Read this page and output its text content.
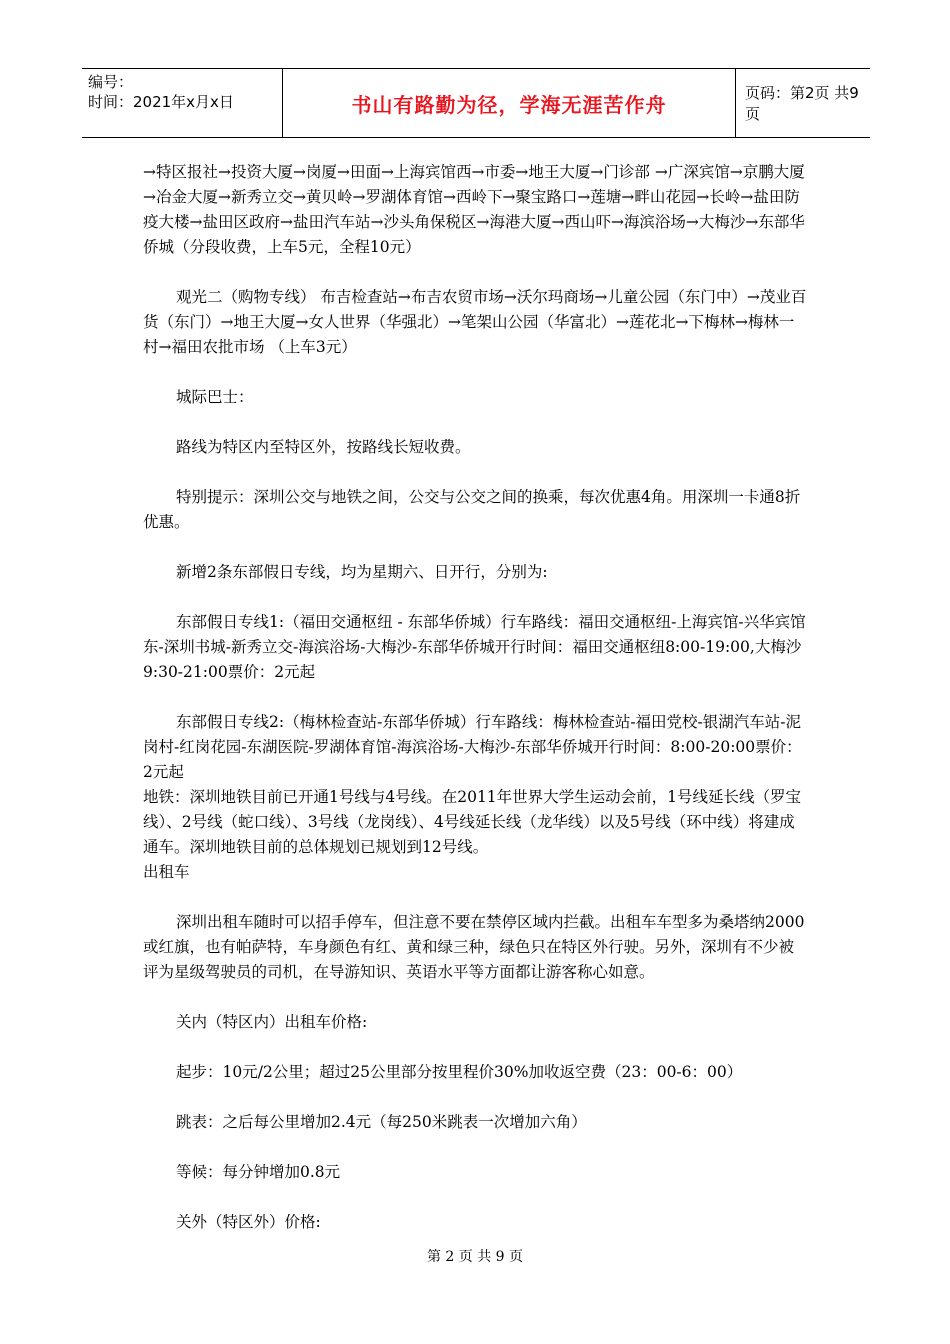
编号：
时间：2021年x月x日	书山有路勤为径，学海无涯苦作舟	页码：第2页 共9页

→特区报社→投资大厦→岗厦→田面→上海宾馆西→市委→地王大厦→门诊部 →广深宾馆→京鹏大厦→冶金大厦→新秀立交→黄贝岭→罗湖体育馆→西岭下→聚宝路口→莲塘→畔山花园→长岭→盐田防疫大楼→盐田区政府→盐田汽车站→沙头角保税区→海港大厦→西山吓→海滨浴场→大梅沙→东部华侨城（分段收费，上车5元，全程10元）

观光二（购物专线） 布吉检查站→布吉农贸市场→沃尔玛商场→儿童公园（东门中）→茂业百货（东门）→地王大厦→女人世界（华强北）→笔架山公园（华富北）→莲花北→下梅林→梅林一村→福田农批市场 （上车3元）

城际巴士：

路线为特区内至特区外，按路线长短收费。

特别提示：深圳公交与地铁之间，公交与公交之间的换乘，每次优惠4角。用深圳一卡通8折优惠。

新增2条东部假日专线，均为星期六、日开行，分别为:

东部假日专线1:（福田交通枢纽 - 东部华侨城）行车路线：福田交通枢纽-上海宾馆-兴华宾馆东-深圳书城-新秀立交-海滨浴场-大梅沙-东部华侨城开行时间：福田交通枢纽8:00-19:00,大梅沙9:30-21:00票价：2元起

东部假日专线2:（梅林检查站-东部华侨城）行车路线：梅林检查站-福田党校-银湖汽车站-泥岗村-红岗花园-东湖医院-罗湖体育馆-海滨浴场-大梅沙-东部华侨城开行时间：8:00-20:00票价：2元起

地铁：深圳地铁目前已开通1号线与4号线。在2011年世界大学生运动会前，1号线延长线（罗宝线）、2号线（蛇口线）、3号线（龙岗线）、4号线延长线（龙华线）以及5号线（环中线）将建成通车。深圳地铁目前的总体规划已规划到12号线。

出租车

深圳出租车随时可以招手停车，但注意不要在禁停区域内拦截。出租车车型多为桑塔纳2000或红旗，也有帕萨特，车身颜色有红、黄和绿三种，绿色只在特区外行驶。另外，深圳有不少被评为星级驾驶员的司机，在导游知识、英语水平等方面都让游客称心如意。

关内（特区内）出租车价格:

起步：10元/2公里；超过25公里部分按里程价30%加收返空费（23：00-6：00）

跳表：之后每公里增加2.4元（每250米跳表一次增加六角）

等候：每分钟增加0.8元

关外（特区外）价格:

第 2 页 共 9 页
